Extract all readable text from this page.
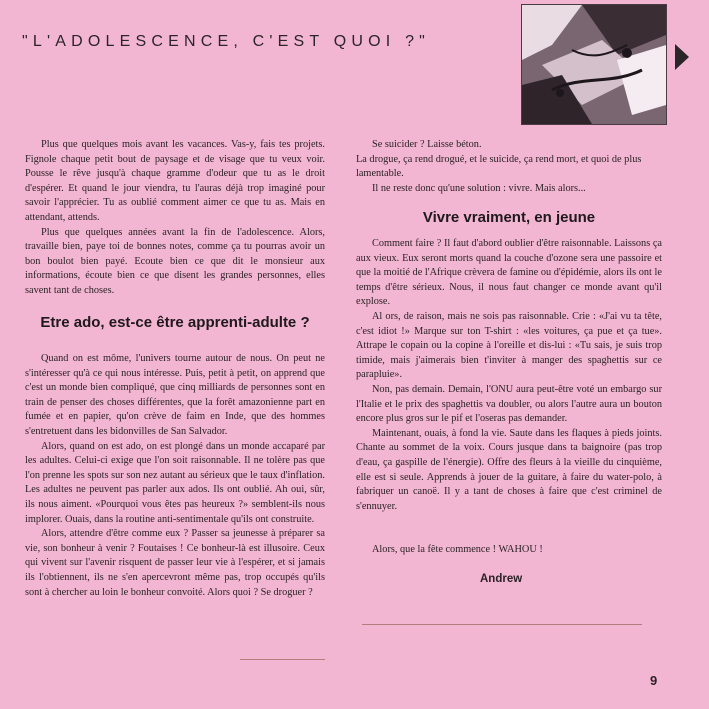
"L'ADOLESCENCE, C'EST QUOI ?"

Plus que quelques mois avant les vacances. Vas-y, fais tes projets. Fignole chaque petit bout de paysage et de visage que tu veux voir. Pousse le rêve jusqu'à chaque gramme d'odeur que tu as le droit d'espérer. Et quand le jour viendra, tu l'auras déjà trop imaginé pour savoir l'apprécier. Tu as oublié comment aimer ce que tu as. Mais en attendant, attends.

Plus que quelques années avant la fin de l'adolescence. Alors, travaille bien, paye toi de bonnes notes, comme ça tu pourras avoir un bon boulot bien payé. Ecoute bien ce que dit le monsieur aux informations, écoute bien ce que disent les grandes personnes, elles savent tant de choses.

Etre ado, est-ce être apprenti-adulte ?

Quand on est môme, l'univers tourne autour de nous. On peut ne s'intéresser qu'à ce qui nous intéresse. Puis, petit à petit, on apprend que c'est un monde bien compliqué, que cinq milliards de personnes sont en train de penser des choses différentes, que la forêt amazonienne part en fumée et en papier, qu'on crève de faim en Inde, que des hommes s'entretuent dans les bidonvilles de San Salvador.

Alors, quand on est ado, on est plongé dans un monde accaparé par les adultes. Celui-ci exige que l'on soit raisonnable. Il ne tolère pas que l'on prenne les spots sur son nez autant au sérieux que le taux d'inflation. Les adultes ne peuvent pas parler aux ados. Ils ont oublié. Ah oui, sûr, ils nous aiment. «Pourquoi vous êtes pas heureux ?» semblent-ils nous implorer. Ouais, dans la routine anti-sentimentale qu'ils ont construite.

Alors, attendre d'être comme eux ? Passer sa jeunesse à préparer sa vie, son bonheur à venir ? Foutaises ! Ce bonheur-là est illusoire. Ceux qui vivent sur l'avenir risquent de passer leur vie à l'espérer, et si jamais ils l'obtiennent, ils ne s'en apercevront même pas, trop occupés qu'ils sont à chercher au loin le bonheur convoité. Alors quoi ? Se droguer ?

Se suicider ? Laisse béton.

La drogue, ça rend drogué, et le suicide, ça rend mort, et quoi de plus lamentable.

Il ne reste donc qu'une solution : vivre. Mais alors...

Vivre vraiment, en jeune

Comment faire ? Il faut d'abord oublier d'être raisonnable. Laissons ça aux vieux. Eux seront morts quand la couche d'ozone sera une passoire et que la moitié de l'Afrique crèvera de famine ou d'épidémie, alors ils ont le temps d'être sérieux. Nous, il nous faut changer ce monde avant qu'il explose.

Al ors, de raison, mais ne sois pas raisonnable. Crie : «J'ai vu ta tête, c'est idiot !» Marque sur ton T-shirt : «les voitures, ça pue et ça tue». Attrape le copain ou la copine à l'oreille et dis-lui : «Tu sais, je suis trop timide, mais j'aimerais bien t'inviter à manger des spaghettis sur ce parapluie».

Non, pas demain. Demain, l'ONU aura peut-être voté un embargo sur l'Italie et le prix des spaghettis va doubler, ou alors l'autre aura un bouton encore plus gros sur le pif et l'oseras pas demander.

Maintenant, ouais, à fond la vie. Saute dans les flaques à pieds joints. Chante au sommet de la voix. Cours jusque dans ta baignoire (pas trop d'eau, ça gaspille de l'énergie). Offre des fleurs à la vieille du cinquième, elle est si seule. Apprends à jouer de la guitare, à faire du water-polo, à fabriquer un canoë. Il y a tant de choses à faire que c'est criminel de s'ennuyer.

Alors, que la fête commence ! WAHOU !
Andrew
9
